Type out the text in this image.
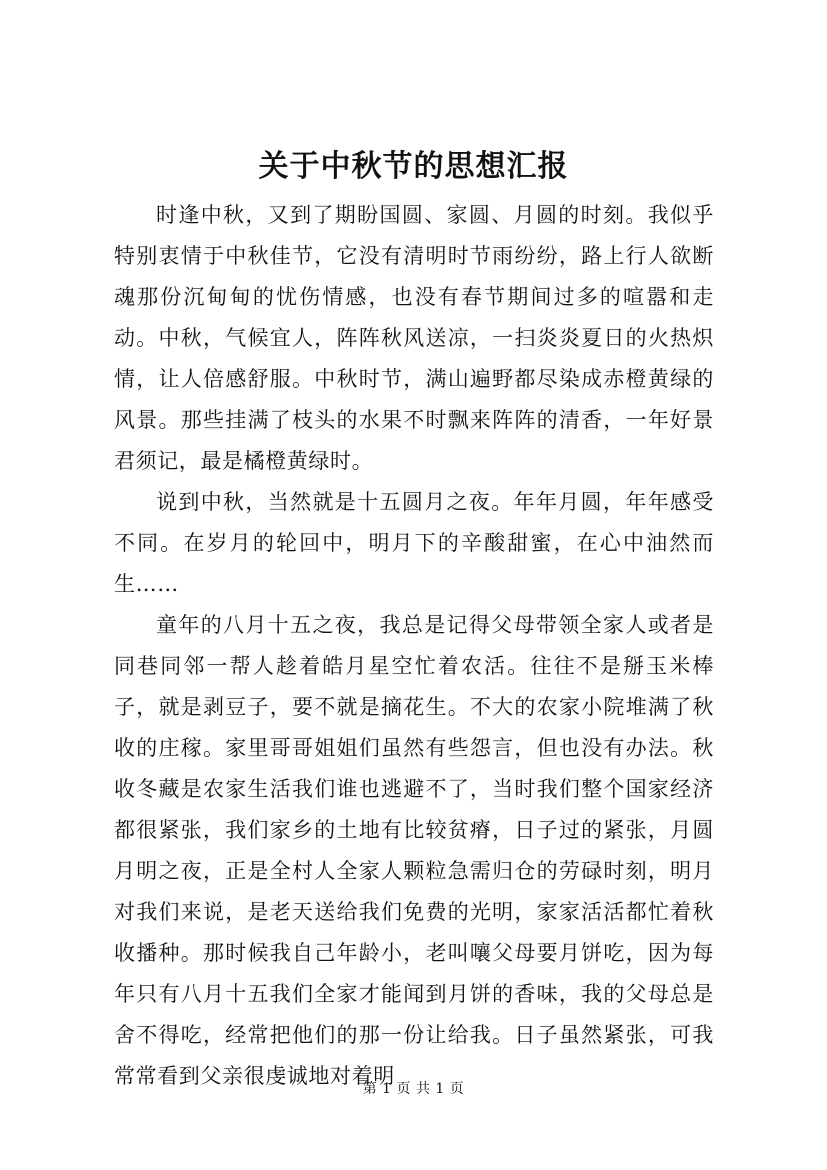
关于中秋节的思想汇报

时逢中秋，又到了期盼国圆、家圆、月圆的时刻。我似乎特别衷情于中秋佳节，它没有清明时节雨纷纷，路上行人欲断魂那份沉甸甸的忧伤情感，也没有春节期间过多的喧嚣和走动。中秋，气候宜人，阵阵秋风送凉，一扫炎炎夏日的火热炽情，让人倍感舒服。中秋时节，满山遍野都尽染成赤橙黄绿的风景。那些挂满了枝头的水果不时飘来阵阵的清香，一年好景君须记，最是橘橙黄绿时。

说到中秋，当然就是十五圆月之夜。年年月圆，年年感受不同。在岁月的轮回中，明月下的辛酸甜蜜，在心中油然而生……

童年的八月十五之夜，我总是记得父母带领全家人或者是同巷同邻一帮人趁着皓月星空忙着农活。往往不是掰玉米棒子，就是剥豆子，要不就是摘花生。不大的农家小院堆满了秋收的庄稼。家里哥哥姐姐们虽然有些怨言，但也没有办法。秋收冬藏是农家生活我们谁也逃避不了，当时我们整个国家经济都很紧张，我们家乡的土地有比较贫瘠，日子过的紧张，月圆月明之夜，正是全村人全家人颗粒急需归仓的劳碌时刻，明月对我们来说，是老天送给我们免费的光明，家家活活都忙着秋收播种。那时候我自己年龄小，老叫嚷父母要月饼吃，因为每年只有八月十五我们全家才能闻到月饼的香味，我的父母总是舍不得吃，经常把他们的那一份让给我。日子虽然紧张，可我常常看到父亲很虔诚地对着明

第 1 页 共 1 页
